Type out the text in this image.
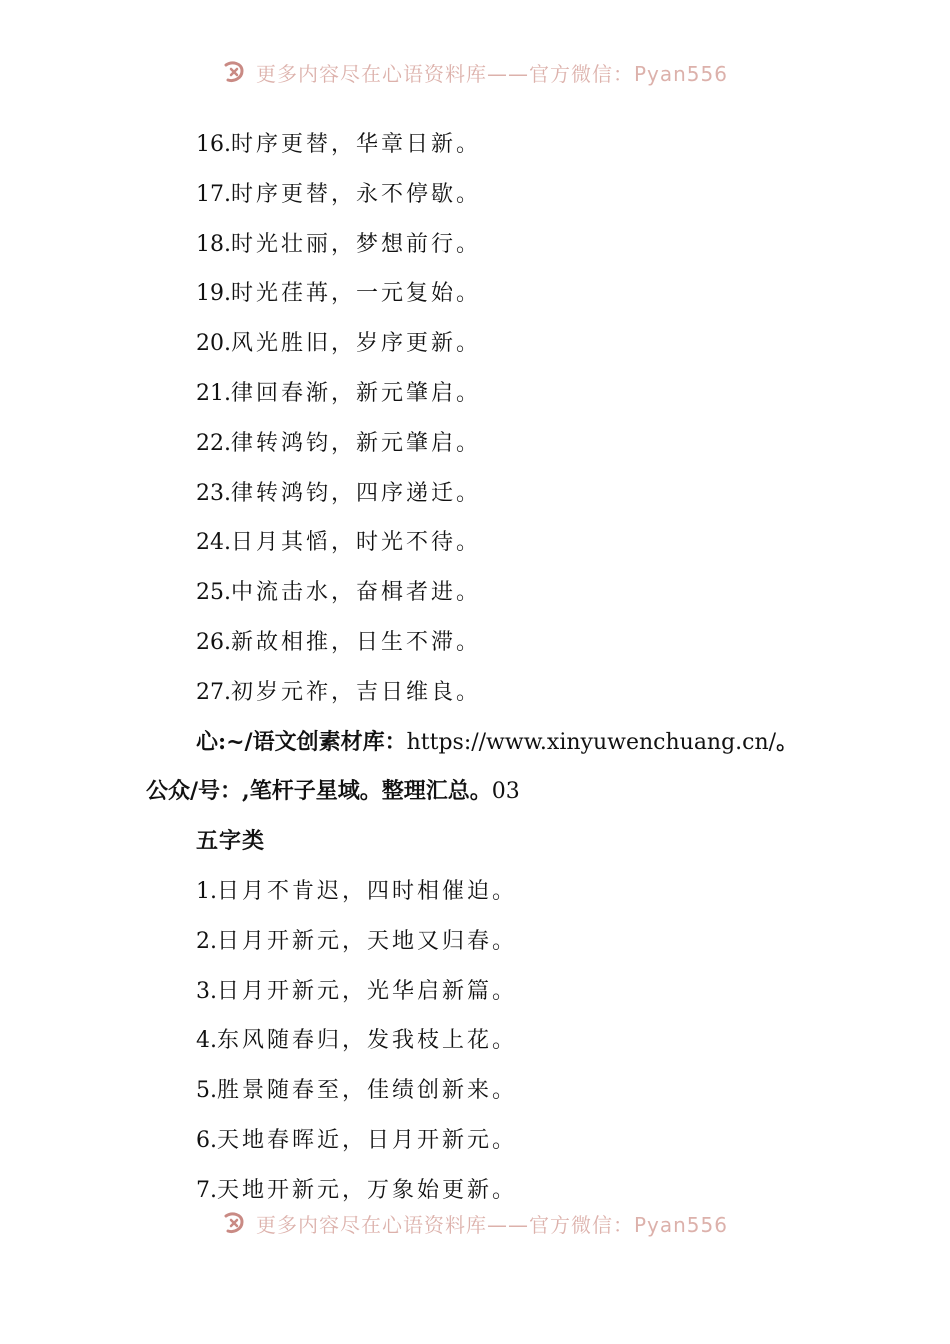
更多内容尽在心语资料库——官方微信：Pyan556
16.时序更替，华章日新。
17.时序更替，永不停歇。
18.时光壮丽，梦想前行。
19.时光荏苒，一元复始。
20.风光胜旧，岁序更新。
21.律回春渐，新元肇启。
22.律转鸿钧，新元肇启。
23.律转鸿钧，四序递迁。
24.日月其慆，时光不待。
25.中流击水，奋楫者进。
26.新故相推，日生不滞。
27.初岁元祚，吉日维良。
心:~/语文创素材库：https://www.xinyuwenchuang.cn/。
公众/号：,笔杆子星域。整理汇总。03
五字类
1.日月不肯迟，四时相催迫。
2.日月开新元，天地又归春。
3.日月开新元，光华启新篇。
4.东风随春归，发我枝上花。
5.胜景随春至，佳绩创新来。
6.天地春晖近，日月开新元。
7.天地开新元，万象始更新。
更多内容尽在心语资料库——官方微信：Pyan556
